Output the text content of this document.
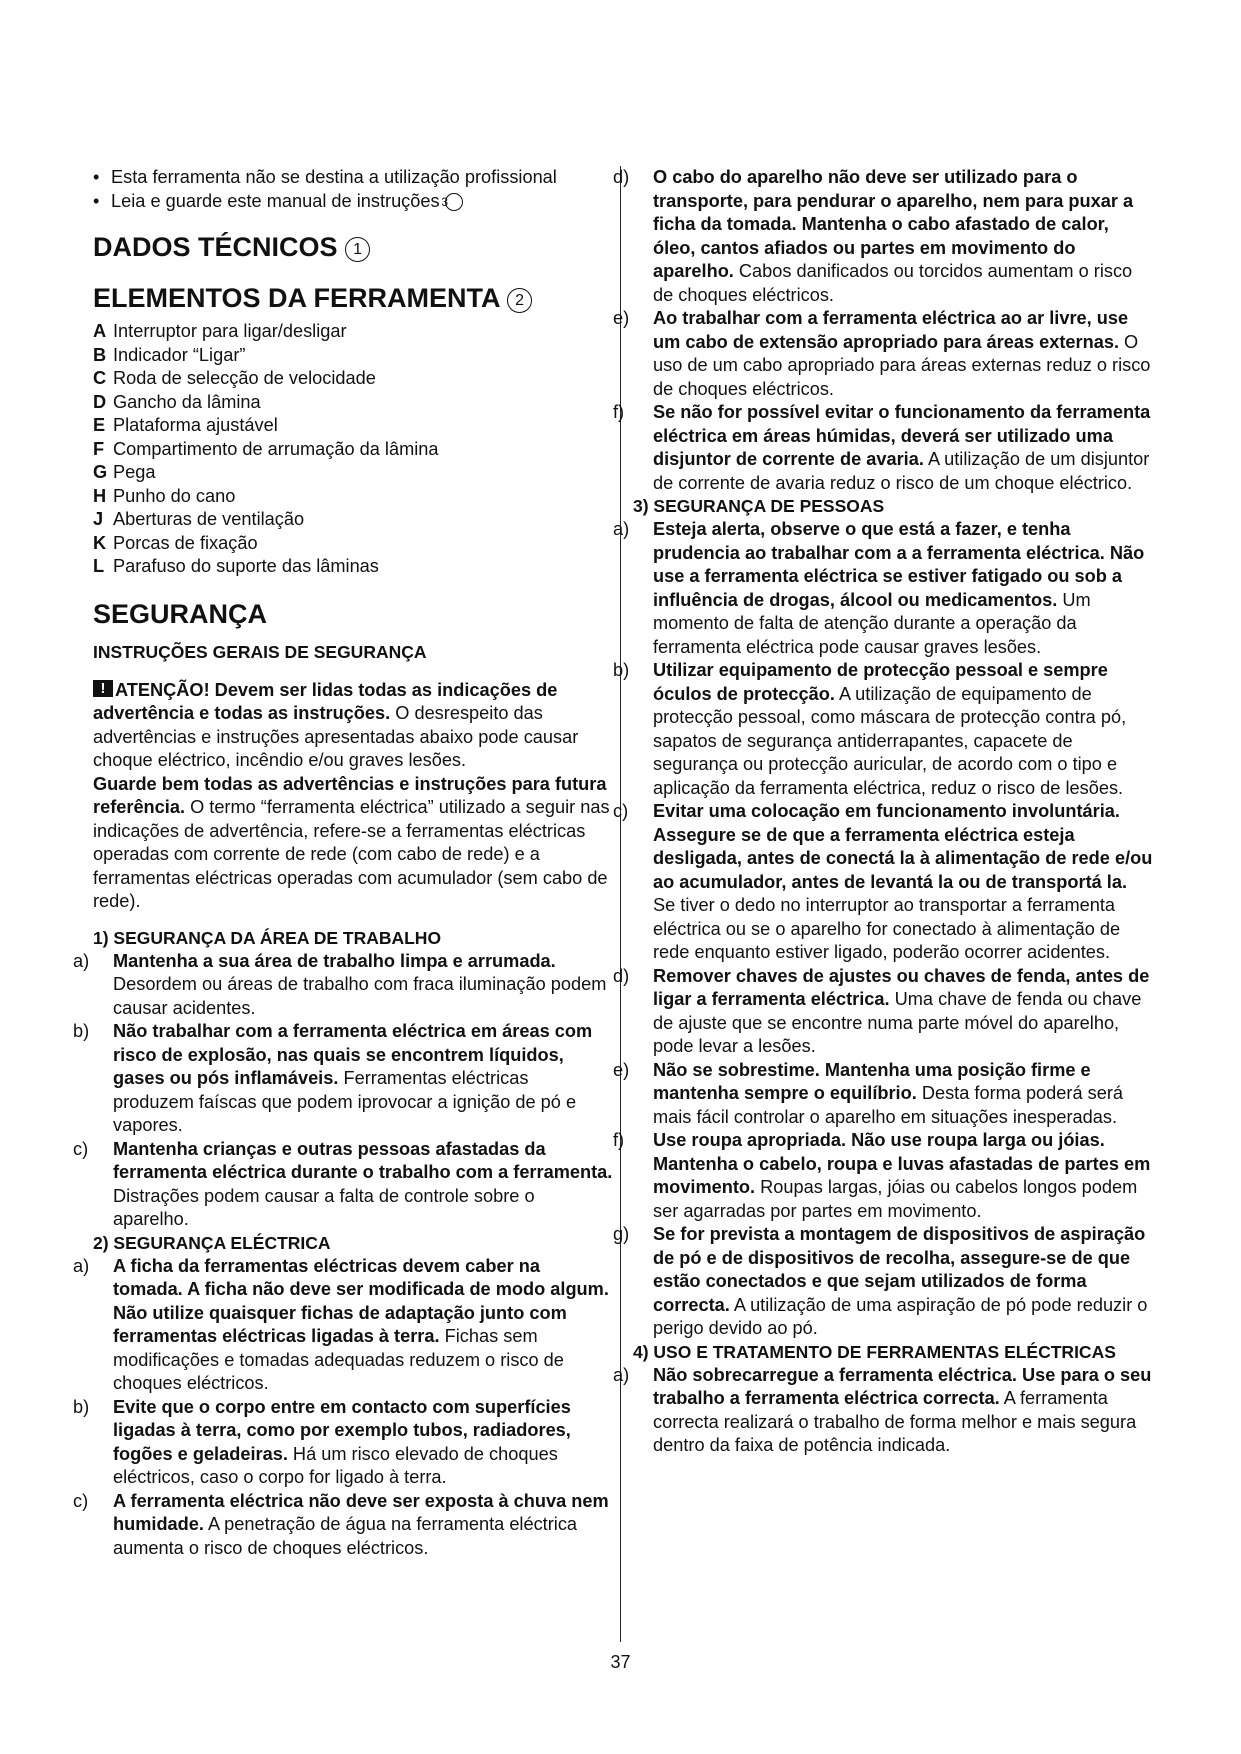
• Esta ferramenta não se destina a utilização profissional

• Leia e guarde este manual de instruções 3

DADOS TÉCNICOS 1
ELEMENTOS DA FERRAMENTA 2

A Interruptor para ligar/desligar

B Indicador “Ligar”

C Roda de selecção de velocidade

D Gancho da lâmina

E Plataforma ajustável

F Compartimento de arrumação da lâmina

G Pega

H Punho do cano

J Aberturas de ventilação

K Porcas de fixação

L Parafuso do suporte das lâminas

SEGURANÇA
INSTRUÇÕES GERAIS DE SEGURANÇA

!ATENÇÃO! Devem ser lidas todas as indicações de advertência e todas as instruções. O desrespeito das advertências e instruções apresentadas abaixo pode causar choque eléctrico, incêndio e/ou graves lesões.

Guarde bem todas as advertências e instruções para futura referência. O termo “ferramenta eléctrica” utilizado a seguir nas indicações de advertência, refere-se a ferramentas eléctricas operadas com corrente de rede (com cabo de rede) e a ferramentas eléctricas operadas com acumulador (sem cabo de rede).

1) SEGURANÇA DA ÁREA DE TRABALHO

a) Mantenha a sua área de trabalho limpa e arrumada. Desordem ou áreas de trabalho com fraca iluminação podem causar acidentes.

b) Não trabalhar com a ferramenta eléctrica em áreas com risco de explosão, nas quais se encontrem líquidos, gases ou pós inflamáveis. Ferramentas eléctricas produzem faíscas que podem iprovocar a ignição de pó e vapores.

c) Mantenha crianças e outras pessoas afastadas da ferramenta eléctrica durante o trabalho com a ferramenta. Distrações podem causar a falta de controle sobre o aparelho.

2) SEGURANÇA ELÉCTRICA

a) A ficha da ferramentas eléctricas devem caber na tomada. A ficha não deve ser modificada de modo algum. Não utilize quaisquer fichas de adaptação junto com ferramentas eléctricas ligadas à terra. Fichas sem modificações e tomadas adequadas reduzem o risco de choques eléctricos.

b) Evite que o corpo entre em contacto com superfícies ligadas à terra, como por exemplo tubos, radiadores, fogões e geladeiras. Há um risco elevado de choques eléctricos, caso o corpo for ligado à terra.

c) A ferramenta eléctrica não deve ser exposta à chuva nem humidade. A penetração de água na ferramenta eléctrica aumenta o risco de choques eléctricos.

d) O cabo do aparelho não deve ser utilizado para o transporte, para pendurar o aparelho, nem para puxar a ficha da tomada. Mantenha o cabo afastado de calor, óleo, cantos afiados ou partes em movimento do aparelho. Cabos danificados ou torcidos aumentam o risco de choques eléctricos.

e) Ao trabalhar com a ferramenta eléctrica ao ar livre, use um cabo de extensão apropriado para áreas externas. O uso de um cabo apropriado para áreas externas reduz o risco de choques eléctricos.

f) Se não for possível evitar o funcionamento da ferramenta eléctrica em áreas húmidas, deverá ser utilizado uma disjuntor de corrente de avaria. A utilização de um disjuntor de corrente de avaria reduz o risco de um choque eléctrico.

3) SEGURANÇA DE PESSOAS

a) Esteja alerta, observe o que está a fazer, e tenha prudencia ao trabalhar com a a ferramenta eléctrica. Não use a ferramenta eléctrica se estiver fatigado ou sob a influência de drogas, álcool ou medicamentos. Um momento de falta de atenção durante a operação da ferramenta eléctrica pode causar graves lesões.

b) Utilizar equipamento de protecção pessoal e sempre óculos de protecção. A utilização de equipamento de protecção pessoal, como máscara de protecção contra pó, sapatos de segurança antiderrapantes, capacete de segurança ou protecção auricular, de acordo com o tipo e aplicação da ferramenta eléctrica, reduz o risco de lesões.

c) Evitar uma colocação em funcionamento involuntária. Assegure se de que a ferramenta eléctrica esteja desligada, antes de conectá la à alimentação de rede e/ou ao acumulador, antes de levantá la ou de transportá la. Se tiver o dedo no interruptor ao transportar a ferramenta eléctrica ou se o aparelho for conectado à alimentação de rede enquanto estiver ligado, poderão ocorrer acidentes.

d) Remover chaves de ajustes ou chaves de fenda, antes de ligar a ferramenta eléctrica. Uma chave de fenda ou chave de ajuste que se encontre numa parte móvel do aparelho, pode levar a lesões.

e) Não se sobrestime. Mantenha uma posição firme e mantenha sempre o equilíbrio. Desta forma poderá será mais fácil controlar o aparelho em situações inesperadas.

f) Use roupa apropriada. Não use roupa larga ou jóias. Mantenha o cabelo, roupa e luvas afastadas de partes em movimento. Roupas largas, jóias ou cabelos longos podem ser agarradas por partes em movimento.

g) Se for prevista a montagem de dispositivos de aspiração de pó e de dispositivos de recolha, assegure-se de que estão conectados e que sejam utilizados de forma correcta. A utilização de uma aspiração de pó pode reduzir o perigo devido ao pó.

4) USO E TRATAMENTO DE FERRAMENTAS ELÉCTRICAS

a) Não sobrecarregue a ferramenta eléctrica. Use para o seu trabalho a ferramenta eléctrica correcta. A ferramenta correcta realizará o trabalho de forma melhor e mais segura dentro da faixa de potência indicada.

37
